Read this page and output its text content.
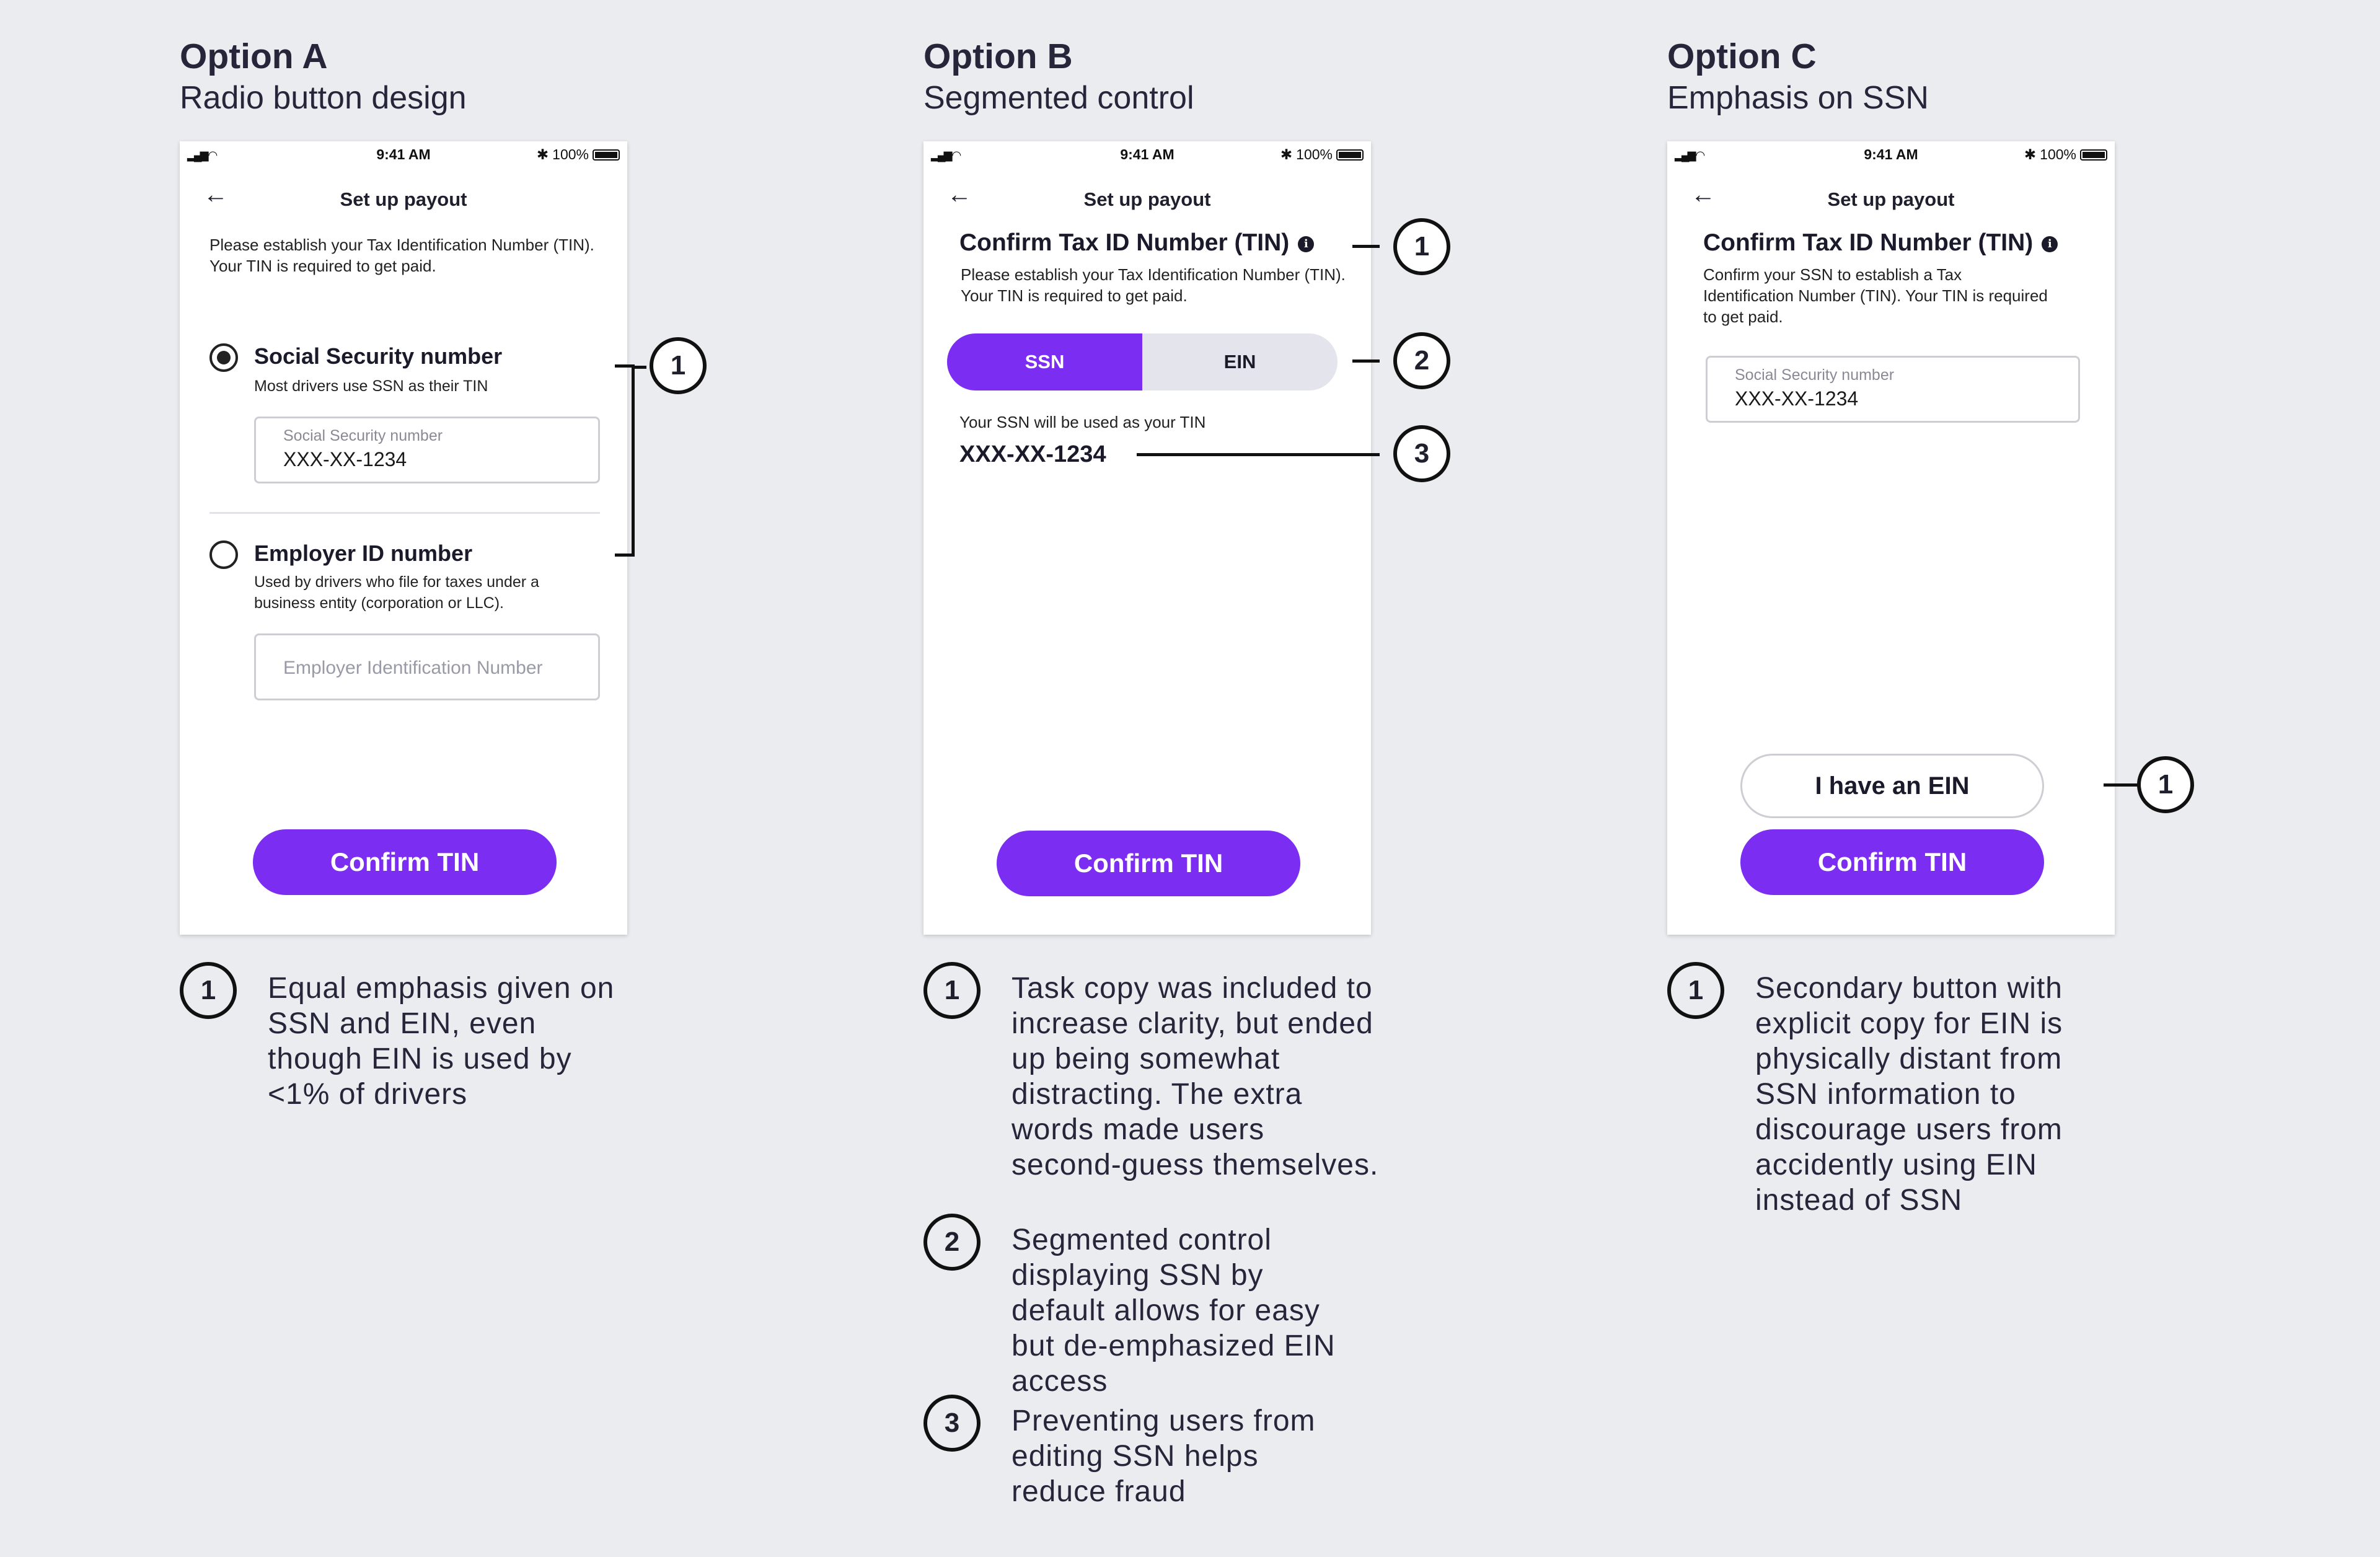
Option A
Radio button design
▂▄▆ ◠	9:41 AM	✱ 100%
←	Set up payout
Please establish your Tax Identification Number (TIN). Your TIN is required to get paid.
Social Security number
Most drivers use SSN as their TIN
Social Security number
XXX-XX-1234
Employer ID number
Used by drivers who file for taxes under a business entity (corporation or LLC).
Employer Identification Number
Confirm TIN
1
1	Equal emphasis given on SSN and EIN, even though EIN is used by <1% of drivers
Option B
Segmented control
▂▄▆ ◠	9:41 AM	✱ 100%
←	Set up payout
Confirm Tax ID Number (TIN) i
Please establish your Tax Identification Number (TIN). Your TIN is required to get paid.
SSN	EIN
Your SSN will be used as your TIN
XXX-XX-1234
Confirm TIN
1
2
3
1	Task copy was included to increase clarity, but ended up being somewhat distracting. The extra words made users second-guess themselves.
2	Segmented control displaying SSN by default allows for easy but de-emphasized EIN access
3	Preventing users from editing SSN helps reduce fraud
Option C
Emphasis on SSN
▂▄▆ ◠	9:41 AM	✱ 100%
←	Set up payout
Confirm Tax ID Number (TIN) i
Confirm your SSN to establish a Tax Identification Number (TIN). Your TIN is required to get paid.
Social Security number
XXX-XX-1234
I have an EIN
Confirm TIN
1
1	Secondary button with explicit copy for EIN is physically distant from SSN information to discourage users from accidently using EIN instead of SSN
